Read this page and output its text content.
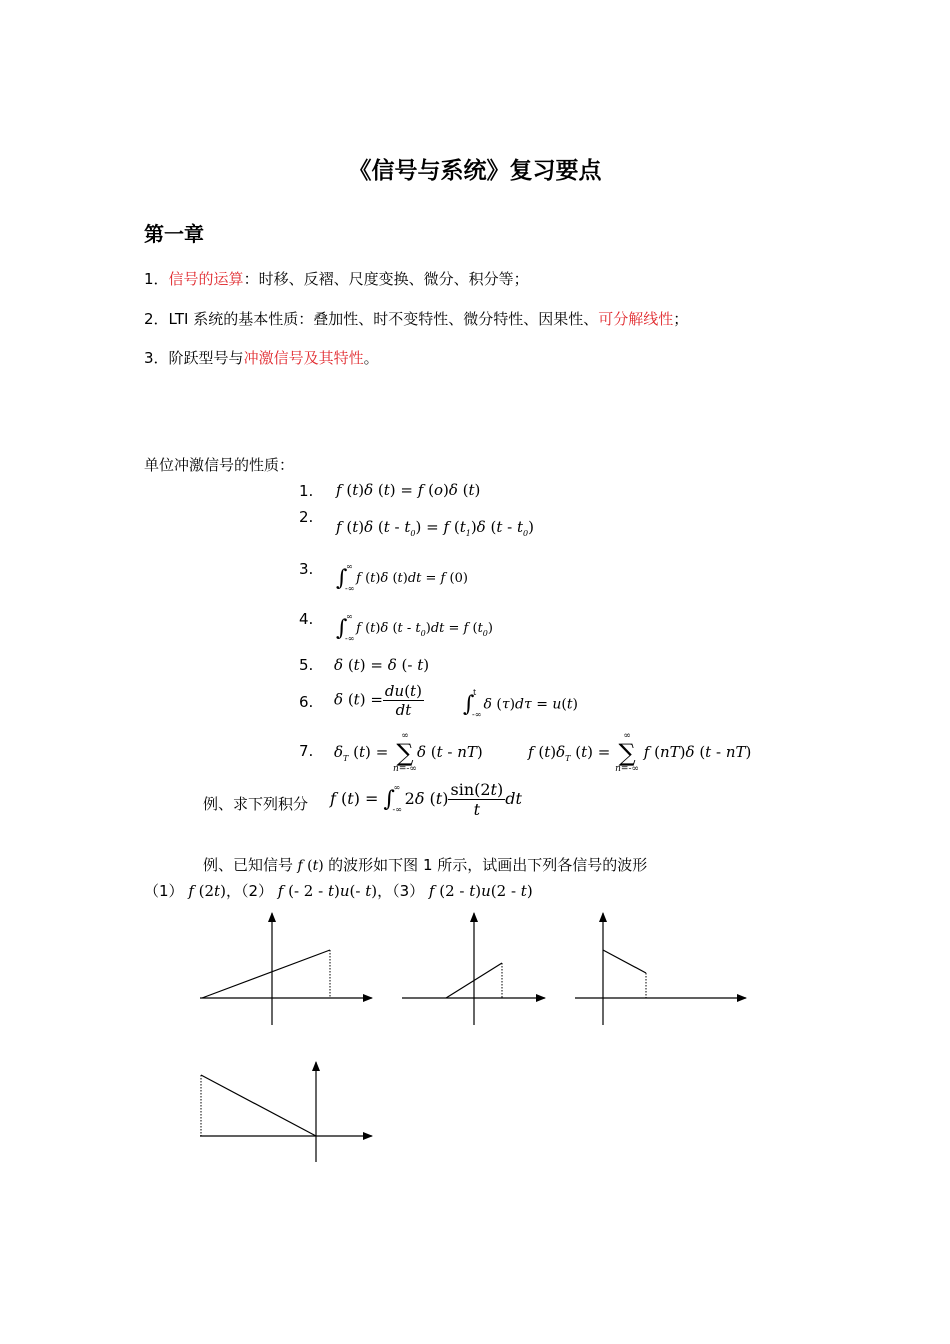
《信号与系统》复习要点
第一章
1．信号的运算：时移、反褶、尺度变换、微分、积分等；
2．LTI 系统的基本性质：叠加性、时不变特性、微分特性、因果性、可分解线性；
3．阶跃型号与冲激信号及其特性。
单位冲激信号的性质：
1.
2.
3.
4.
5.
6.
7.
f (t)δ (t) = f (o)δ (t)
f (t)δ $(t - t_0) = f$ $(t_1)\delta$ $(t - t_0)$
∫
∞
-∞
f (t)δ (t)dt = f (0)
∫
∞
-∞
f (t)δ $(t - t_0)dt = f$ $(t_0)$
δ (t) = δ (- t)
δ $(t) = \frac{du(t)}{dt}$ ∫
t
-∞
δ (τ)dτ = u(t)
$\delta_T$ (t) =
∞
∑
n=-∞
δ (t - nT)	f $(t)\delta_T$ (t) =
∞
∑
n=-∞
f (nT)δ (t - nT)
例、求下列积分 f (t) = ∫
∞
-∞
2δ $(t) \frac{\sin(2t)}{t}$ dt
例、已知信号 f (t) 的波形如下图 1 所示，试画出下列各信号的波形
（1） f (2t)，（2） f (- 2 - t)u(- t)，（3） f (2 - t)u(2 - t)
